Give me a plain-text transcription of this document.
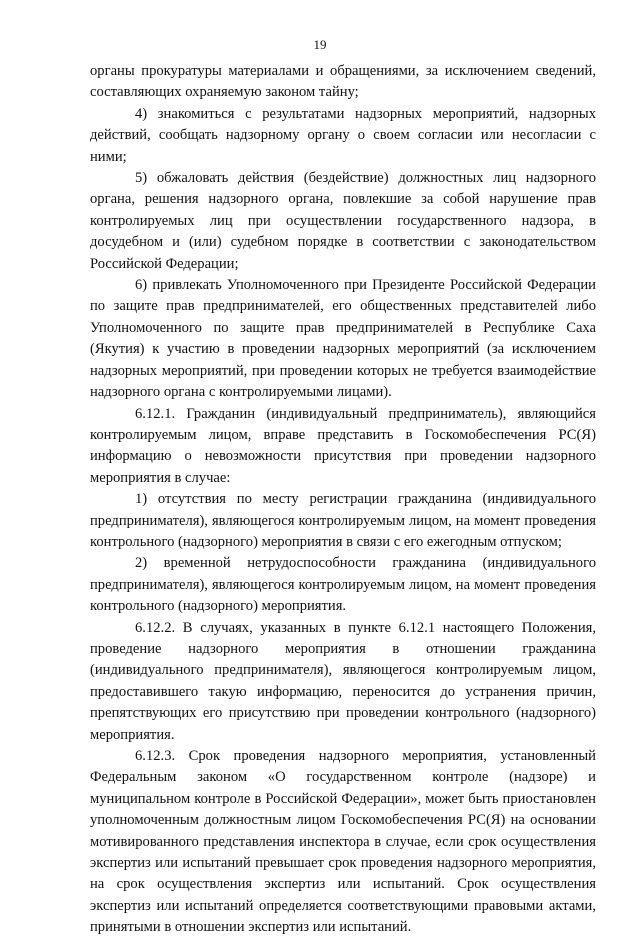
19

органы прокуратуры материалами и обращениями, за исключением сведений, составляющих охраняемую законом тайну;

4) знакомиться с результатами надзорных мероприятий, надзорных действий, сообщать надзорному органу о своем согласии или несогласии с ними;

5) обжаловать действия (бездействие) должностных лиц надзорного органа, решения надзорного органа, повлекшие за собой нарушение прав контролируемых лиц при осуществлении государственного надзора, в досудебном и (или) судебном порядке в соответствии с законодательством Российской Федерации;

6) привлекать Уполномоченного при Президенте Российской Федерации по защите прав предпринимателей, его общественных представителей либо Уполномоченного по защите прав предпринимателей в Республике Саха (Якутия) к участию в проведении надзорных мероприятий (за исключением надзорных мероприятий, при проведении которых не требуется взаимодействие надзорного органа с контролируемыми лицами).

6.12.1. Гражданин (индивидуальный предприниматель), являющийся контролируемым лицом, вправе представить в Госкомобеспечения РС(Я) информацию о невозможности присутствия при проведении надзорного мероприятия в случае:

1) отсутствия по месту регистрации гражданина (индивидуального предпринимателя), являющегося контролируемым лицом, на момент проведения контрольного (надзорного) мероприятия в связи с его ежегодным отпуском;

2) временной нетрудоспособности гражданина (индивидуального предпринимателя), являющегося контролируемым лицом, на момент проведения контрольного (надзорного) мероприятия.

6.12.2. В случаях, указанных в пункте 6.12.1 настоящего Положения, проведение надзорного мероприятия в отношении гражданина (индивидуального предпринимателя), являющегося контролируемым лицом, предоставившего такую информацию, переносится до устранения причин, препятствующих его присутствию при проведении контрольного (надзорного) мероприятия.

6.12.3. Срок проведения надзорного мероприятия, установленный Федеральным законом «О государственном контроле (надзоре) и муниципальном контроле в Российской Федерации», может быть приостановлен уполномоченным должностным лицом Госкомобеспечения РС(Я) на основании мотивированного представления инспектора в случае, если срок осуществления экспертиз или испытаний превышает срок проведения надзорного мероприятия, на срок осуществления экспертиз или испытаний. Срок осуществления экспертиз или испытаний определяется соответствующими правовыми актами, принятыми в отношении экспертиз или испытаний.
